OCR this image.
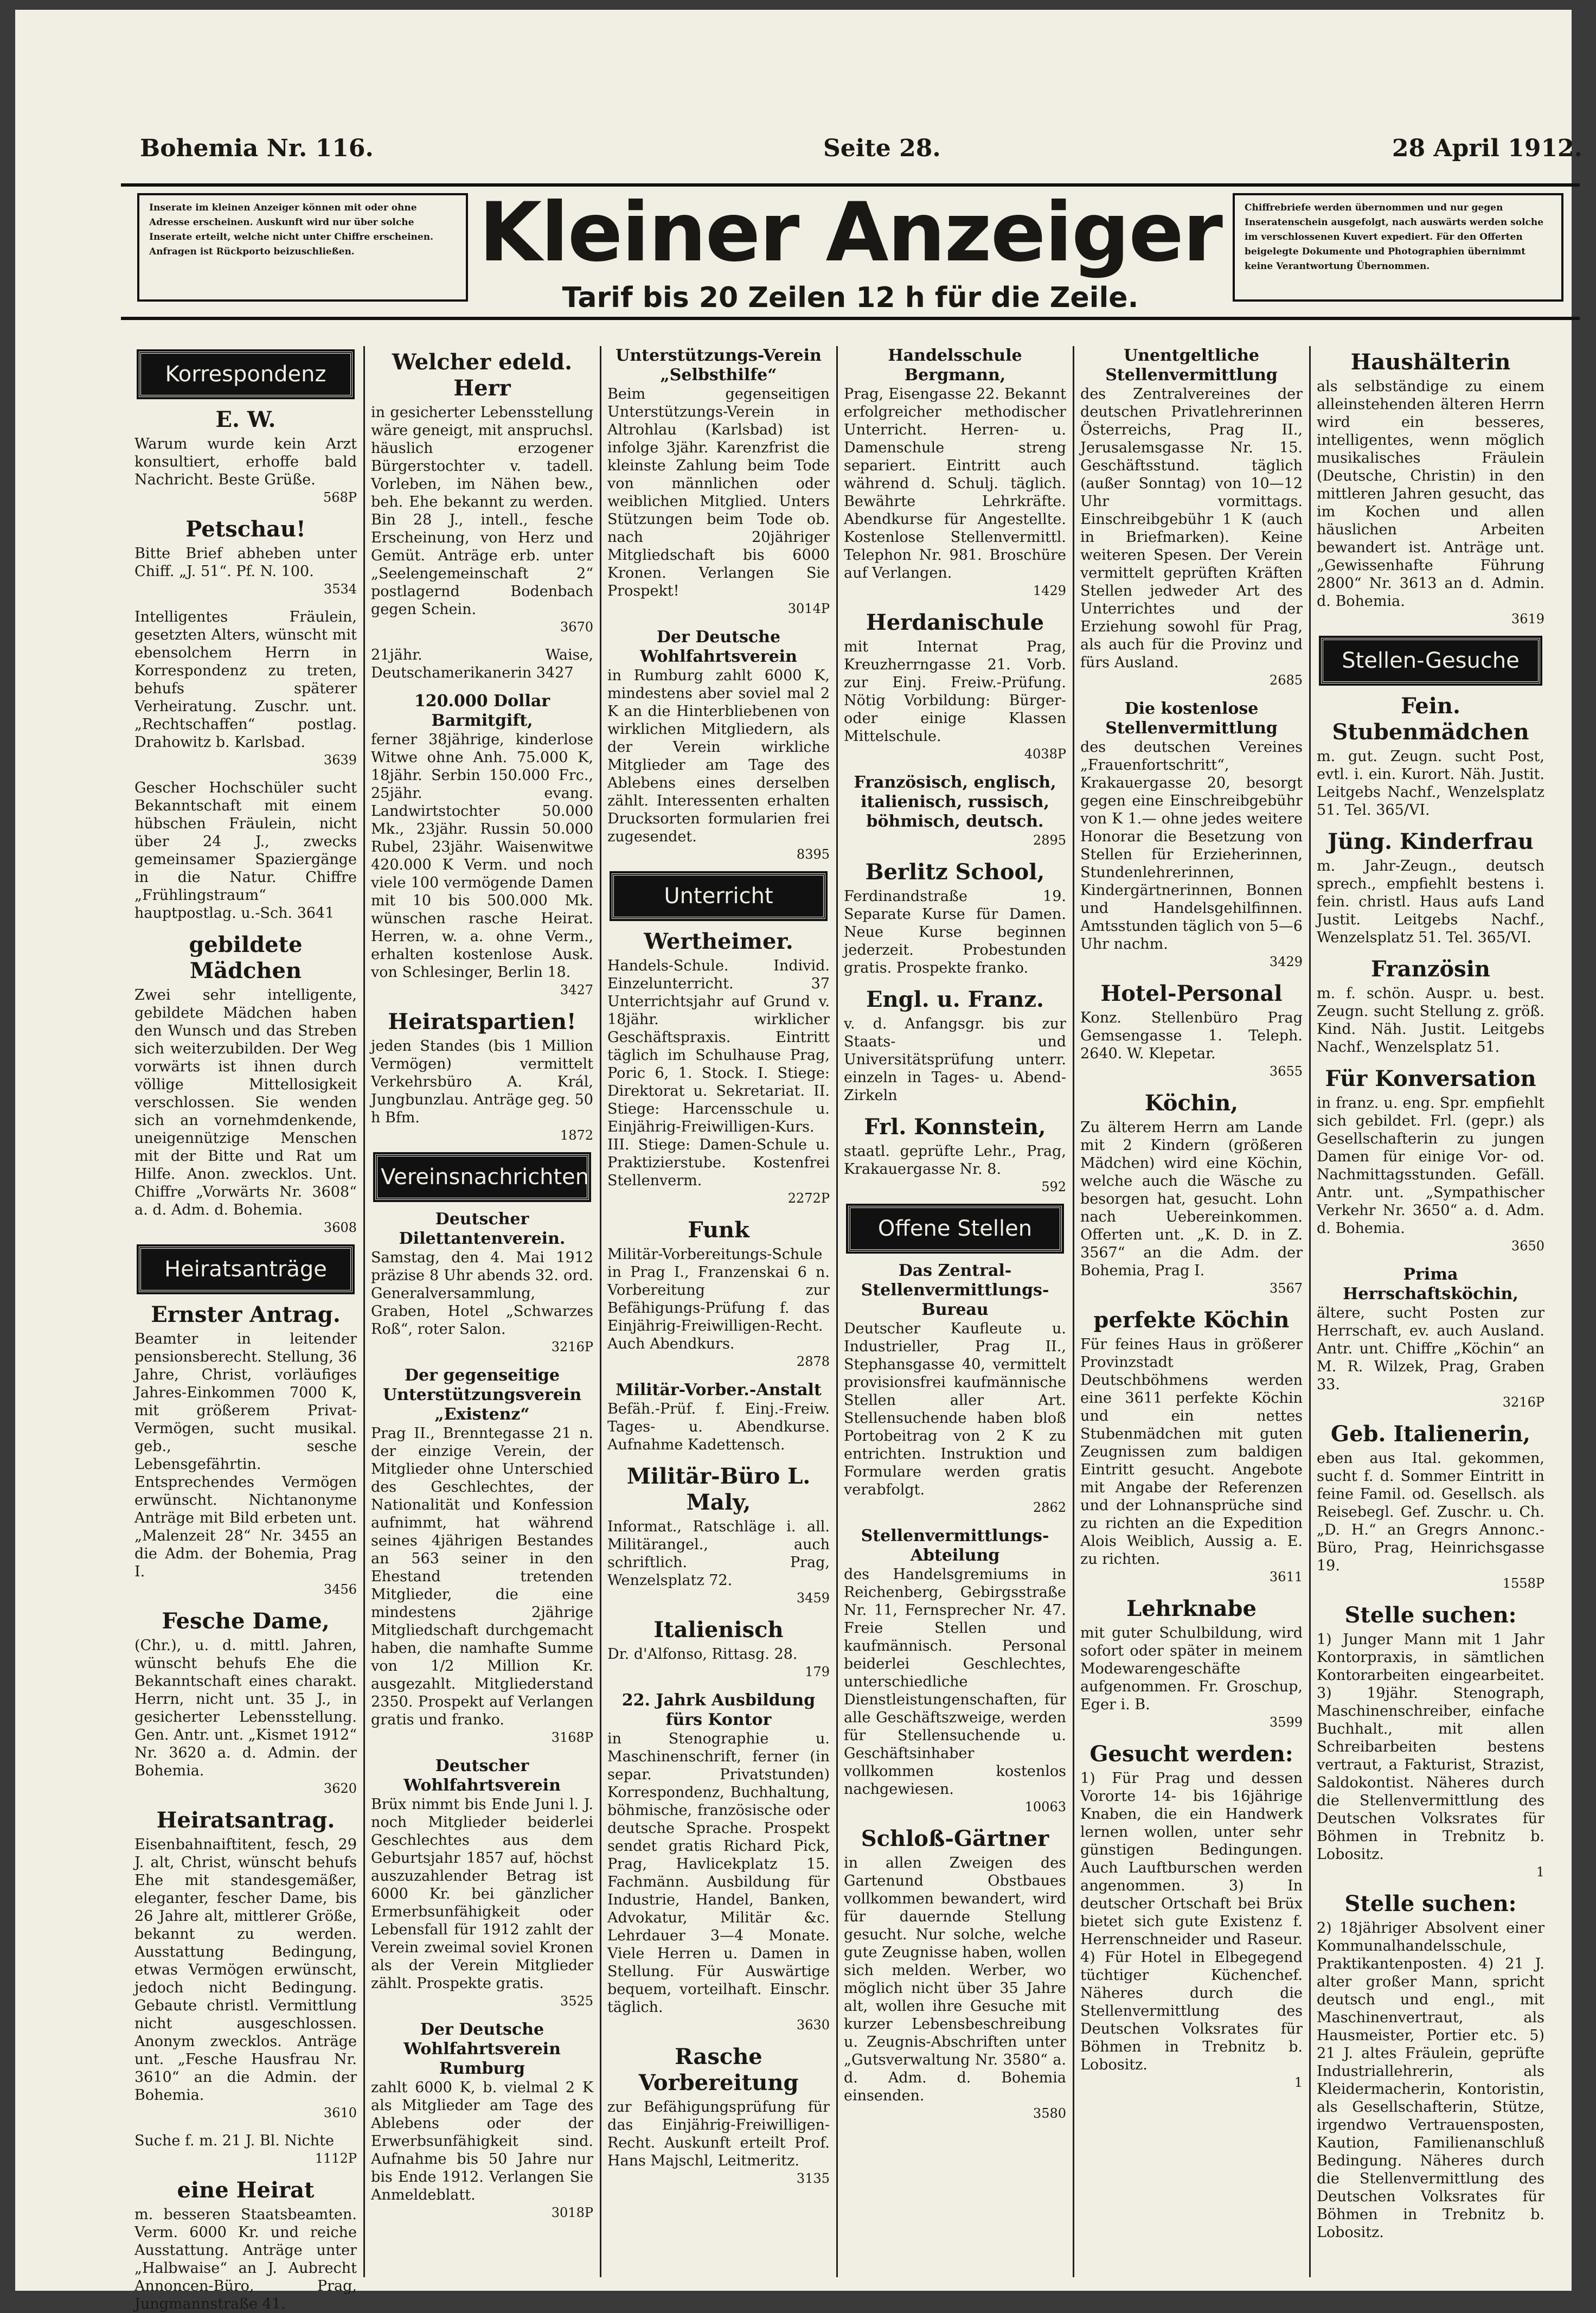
Bohemia Nr. 116.	Seite 28.	28 April 1912.
Inserate im kleinen Anzeiger können mit oder ohne Adresse erscheinen. Auskunft wird nur über solche Inserate erteilt, welche nicht unter Chiffre erscheinen. Anfragen ist Rückporto beizuschließen.	Kleiner Anzeiger
Tarif bis 20 Zeilen 12 h für die Zeile.
Chiffrebriefe werden übernommen und nur gegen Inseratenschein ausgefolgt, nach auswärts werden solche im verschlossenen Kuvert expediert. Für den Offerten beigelegte Dokumente und Photographien übernimmt keine Verantwortung Übernommen.
Korrespondenz
E. W.
Warum wurde kein Arzt konsultiert, erhoffe bald Nachricht. Beste Grüße.
568P
Petschau!
Bitte Brief abheben unter Chiff. „J. 51“. Pf. N. 100.
3534
Intelligentes Fräulein, gesetzten Alters, wünscht mit ebensolchem Herrn in Korrespondenz zu treten, behufs späterer Verheiratung. Zuschr. unt. „Rechtschaffen“ postlag. Drahowitz b. Karlsbad.
3639
Gescher Hochschüler sucht Bekanntschaft mit einem hübschen Fräulein, nicht über 24 J., zwecks gemeinsamer Spaziergänge in die Natur. Chiffre „Frühlingstraum“ hauptpostlag. u.-Sch. 3641
gebildete Mädchen
Zwei sehr intelligente, gebildete Mädchen haben den Wunsch und das Streben sich weiterzubilden. Der Weg vorwärts ist ihnen durch völlige Mittellosigkeit verschlossen. Sie wenden sich an vornehmdenkende, uneigennützige Menschen mit der Bitte und Rat um Hilfe. Anon. zwecklos. Unt. Chiffre „Vorwärts Nr. 3608“ a. d. Adm. d. Bohemia.
3608
Heiratsanträge
Ernster Antrag.
Beamter in leitender pensionsberecht. Stellung, 36 Jahre, Christ, vorläufiges Jahres-Einkommen 7000 K, mit größerem Privat-Vermögen, sucht musikal. geb., sesche Lebensgefährtin. Entsprechendes Vermögen erwünscht. Nichtanonyme Anträge mit Bild erbeten unt. „Malenzeit 28“ Nr. 3455 an die Adm. der Bohemia, Prag I.
3456
Fesche Dame,
(Chr.), u. d. mittl. Jahren, wünscht behufs Ehe die Bekanntschaft eines charakt. Herrn, nicht unt. 35 J., in gesicherter Lebensstellung. Gen. Antr. unt. „Kismet 1912“ Nr. 3620 a. d. Admin. der Bohemia.
3620
Heiratsantrag.
Eisenbahnaiftitent, fesch, 29 J. alt, Christ, wünscht behufs Ehe mit standesgemäßer, eleganter, fescher Dame, bis 26 Jahre alt, mittlerer Größe, bekannt zu werden. Ausstattung Bedingung, etwas Vermögen erwünscht, jedoch nicht Bedingung. Gebaute christl. Vermittlung nicht ausgeschlossen. Anonym zwecklos. Anträge unt. „Fesche Hausfrau Nr. 3610“ an die Admin. der Bohemia.
3610
Suche f. m. 21 J. Bl. Nichte
1112P
eine Heirat
m. besseren Staatsbeamten. Verm. 6000 Kr. und reiche Ausstattung. Anträge unter „Halbwaise“ an J. Aubrecht Annoncen-Büro, Prag, Jungmannstraße 41.
Welcher edeld. Herr
in gesicherter Lebensstellung wäre geneigt, mit anspruchsl. häuslich erzogener Bürgerstochter v. tadell. Vorleben, im Nähen bew., beh. Ehe bekannt zu werden. Bin 28 J., intell., fesche Erscheinung, von Herz und Gemüt. Anträge erb. unter „Seelengemeinschaft 2“ postlagernd Bodenbach gegen Schein.
3670
21jähr. Waise, Deutschamerikanerin 3427
120.000 Dollar Barmitgift,
ferner 38jährige, kinderlose Witwe ohne Anh. 75.000 K, 18jähr. Serbin 150.000 Frc., 25jähr. evang. Landwirtstochter 50.000 Mk., 23jähr. Russin 50.000 Rubel, 23jähr. Waisenwitwe 420.000 K Verm. und noch viele 100 vermögende Damen mit 10 bis 500.000 Mk. wünschen rasche Heirat. Herren, w. a. ohne Verm., erhalten kostenlose Ausk. von Schlesinger, Berlin 18.
3427
Heiratspartien!
jeden Standes (bis 1 Million Vermögen) vermittelt Verkehrsbüro A. Král, Jungbunzlau. Anträge geg. 50 h Bfm.
1872
Vereinsnachrichten
Deutscher Dilettantenverein.
Samstag, den 4. Mai 1912 präzise 8 Uhr abends 32. ord. Generalversammlung, Graben, Hotel „Schwarzes Roß“, roter Salon.
3216P
Der gegenseitige Unterstützungsverein „Existenz“
Prag II., Brenntegasse 21 n. der einzige Verein, der Mitglieder ohne Unterschied des Geschlechtes, der Nationalität und Konfession aufnimmt, hat während seines 4jährigen Bestandes an 563 seiner in den Ehestand tretenden Mitglieder, die eine mindestens 2jährige Mitgliedschaft durchgemacht haben, die namhafte Summe von 1/2 Million Kr. ausgezahlt. Mitgliederstand 2350. Prospekt auf Verlangen gratis und franko.
3168P
Deutscher Wohlfahrtsverein
Brüx nimmt bis Ende Juni l. J. noch Mitglieder beiderlei Geschlechtes aus dem Geburtsjahr 1857 auf, höchst auszuzahlender Betrag ist 6000 Kr. bei gänzlicher Ermerbsunfähigkeit oder Lebensfall für 1912 zahlt der Verein zweimal soviel Kronen als der Verein Mitglieder zählt. Prospekte gratis.
3525
Der Deutsche Wohlfahrtsverein Rumburg
zahlt 6000 K, b. vielmal 2 K als Mitglieder am Tage des Ablebens oder der Erwerbsunfähigkeit sind. Aufnahme bis 50 Jahre nur bis Ende 1912. Verlangen Sie Anmeldeblatt.
3018P
Unterstützungs-Verein „Selbsthilfe“
Beim gegenseitigen Unterstützungs-Verein in Altrohlau (Karlsbad) ist infolge 3jähr. Karenzfrist die kleinste Zahlung beim Tode von männlichen oder weiblichen Mitglied. Unters Stützungen beim Tode ob. nach 20jähriger Mitgliedschaft bis 6000 Kronen. Verlangen Sie Prospekt!
3014P
Der Deutsche Wohlfahrtsverein
in Rumburg zahlt 6000 K, mindestens aber soviel mal 2 K an die Hinterbliebenen von wirklichen Mitgliedern, als der Verein wirkliche Mitglieder am Tage des Ablebens eines derselben zählt. Interessenten erhalten Drucksorten formularien frei zugesendet.
8395
Unterricht
Wertheimer.
Handels-Schule. Individ. Einzelunterricht. 37 Unterrichtsjahr auf Grund v. 18jähr. wirklicher Geschäftspraxis. Eintritt täglich im Schulhause Prag, Poric 6, 1. Stock. I. Stiege: Direktorat u. Sekretariat. II. Stiege: Harcensschule u. Einjährig-Freiwilligen-Kurs. III. Stiege: Damen-Schule u. Praktizierstube. Kostenfrei Stellenverm.
2272P
Funk
Militär-Vorbereitungs-Schule in Prag I., Franzenskai 6 n. Vorbereitung zur Befähigungs-Prüfung f. das Einjährig-Freiwilligen-Recht. Auch Abendkurs.
2878
Militär-Vorber.-Anstalt
Befäh.-Prüf. f. Einj.-Freiw. Tages- u. Abendkurse. Aufnahme Kadettensch.
Militär-Büro L. Maly,
Informat., Ratschläge i. all. Militärangel., auch schriftlich. Prag, Wenzelsplatz 72.
3459
Italienisch
Dr. d'Alfonso, Rittasg. 28.
179
22. Jahrk Ausbildung fürs Kontor
in Stenographie u. Maschinenschrift, ferner (in separ. Privatstunden) Korrespondenz, Buchhaltung, böhmische, französische oder deutsche Sprache. Prospekt sendet gratis Richard Pick, Prag, Havlicekplatz 15. Fachmänn. Ausbildung für Industrie, Handel, Banken, Advokatur, Militär &c. Lehrdauer 3—4 Monate. Viele Herren u. Damen in Stellung. Für Auswärtige bequem, vorteilhaft. Einschr. täglich.
3630
Rasche Vorbereitung
zur Befähigungsprüfung für das Einjährig-Freiwilligen-Recht. Auskunft erteilt Prof. Hans Majschl, Leitmeritz.
3135
Handelsschule Bergmann,
Prag, Eisengasse 22. Bekannt erfolgreicher methodischer Unterricht. Herren- u. Damenschule streng separiert. Eintritt auch während d. Schulj. täglich. Bewährte Lehrkräfte. Abendkurse für Angestellte. Kostenlose Stellenvermittl. Telephon Nr. 981. Broschüre auf Verlangen.
1429
Herdanischule
mit Internat Prag, Kreuzherrngasse 21. Vorb. zur Einj. Freiw.-Prüfung. Nötig Vorbildung: Bürger- oder einige Klassen Mittelschule.
4038P
Französisch, englisch, italienisch, russisch, böhmisch, deutsch.
2895
Berlitz School,
Ferdinandstraße 19. Separate Kurse für Damen. Neue Kurse beginnen jederzeit. Probestunden gratis. Prospekte franko.
Engl. u. Franz.
v. d. Anfangsgr. bis zur Staats- und Universitätsprüfung unterr. einzeln in Tages- u. Abend-Zirkeln
Frl. Konnstein,
staatl. geprüfte Lehr., Prag, Krakauergasse Nr. 8.
592
Offene Stellen
Das Zentral-Stellenvermittlungs-Bureau
Deutscher Kaufleute u. Industrieller, Prag II., Stephansgasse 40, vermittelt provisionsfrei kaufmännische Stellen aller Art. Stellensuchende haben bloß Portobeitrag von 2 K zu entrichten. Instruktion und Formulare werden gratis verabfolgt.
2862
Stellenvermittlungs-Abteilung
des Handelsgremiums in Reichenberg, Gebirgsstraße Nr. 11, Fernsprecher Nr. 47. Freie Stellen und kaufmännisch. Personal beiderlei Geschlechtes, unterschiedliche Dienstleistungenschaften, für alle Geschäftszweige, werden für Stellensuchende u. Geschäftsinhaber vollkommen kostenlos nachgewiesen.
10063
Schloß-Gärtner
in allen Zweigen des Gartenund Obstbaues vollkommen bewandert, wird für dauernde Stellung gesucht. Nur solche, welche gute Zeugnisse haben, wollen sich melden. Werber, wo möglich nicht über 35 Jahre alt, wollen ihre Gesuche mit kurzer Lebensbeschreibung u. Zeugnis-Abschriften unter „Gutsverwaltung Nr. 3580“ a. d. Adm. d. Bohemia einsenden.
3580
Unentgeltliche Stellenvermittlung
des Zentralvereines der deutschen Privatlehrerinnen Österreichs, Prag II., Jerusalemsgasse Nr. 15. Geschäftsstund. täglich (außer Sonntag) von 10—12 Uhr vormittags. Einschreibgebühr 1 K (auch in Briefmarken). Keine weiteren Spesen. Der Verein vermittelt geprüften Kräften Stellen jedweder Art des Unterrichtes und der Erziehung sowohl für Prag, als auch für die Provinz und fürs Ausland.
2685
Die kostenlose Stellenvermittlung
des deutschen Vereines „Frauenfortschritt“, Krakauergasse 20, besorgt gegen eine Einschreibgebühr von K 1.— ohne jedes weitere Honorar die Besetzung von Stellen für Erzieherinnen, Stundenlehrerinnen, Kindergärtnerinnen, Bonnen und Handelsgehilfinnen. Amtsstunden täglich von 5—6 Uhr nachm.
3429
Hotel-Personal
Konz. Stellenbüro Prag Gemsengasse 1. Teleph. 2640. W. Klepetar.
3655
Köchin,
Zu älterem Herrn am Lande mit 2 Kindern (größeren Mädchen) wird eine Köchin, welche auch die Wäsche zu besorgen hat, gesucht. Lohn nach Uebereinkommen. Offerten unt. „K. D. in Z. 3567“ an die Adm. der Bohemia, Prag I.
3567
perfekte Köchin
Für feines Haus in größerer Provinzstadt Deutschböhmens werden eine 3611 perfekte Köchin und ein nettes Stubenmädchen mit guten Zeugnissen zum baldigen Eintritt gesucht. Angebote mit Angabe der Referenzen und der Lohnansprüche sind zu richten an die Expedition Alois Weiblich, Aussig a. E. zu richten.
3611
Lehrknabe
mit guter Schulbildung, wird sofort oder später in meinem Modewarengeschäfte aufgenommen. Fr. Groschup, Eger i. B.
3599
Gesucht werden:
1) Für Prag und dessen Vororte 14- bis 16jährige Knaben, die ein Handwerk lernen wollen, unter sehr günstigen Bedingungen. Auch Lauftburschen werden angenommen. 3) In deutscher Ortschaft bei Brüx bietet sich gute Existenz f. Herrenschneider und Raseur. 4) Für Hotel in Elbegegend tüchtiger Küchenchef. Näheres durch die Stellenvermittlung des Deutschen Volksrates für Böhmen in Trebnitz b. Lobositz.
1
Haushälterin
als selbständige zu einem alleinstehenden älteren Herrn wird ein besseres, intelligentes, wenn möglich musikalisches Fräulein (Deutsche, Christin) in den mittleren Jahren gesucht, das im Kochen und allen häuslichen Arbeiten bewandert ist. Anträge unt. „Gewissenhafte Führung 2800“ Nr. 3613 an d. Admin. d. Bohemia.
3619
Stellen-Gesuche
Fein. Stubenmädchen
m. gut. Zeugn. sucht Post, evtl. i. ein. Kurort. Näh. Justit. Leitgebs Nachf., Wenzelsplatz 51. Tel. 365/VI.
Jüng. Kinderfrau
m. Jahr-Zeugn., deutsch sprech., empfiehlt bestens i. fein. christl. Haus aufs Land Justit. Leitgebs Nachf., Wenzelsplatz 51. Tel. 365/VI.
Französin
m. f. schön. Auspr. u. best. Zeugn. sucht Stellung z. größ. Kind. Näh. Justit. Leitgebs Nachf., Wenzelsplatz 51.
Für Konversation
in franz. u. eng. Spr. empfiehlt sich gebildet. Frl. (gepr.) als Gesellschafterin zu jungen Damen für einige Vor- od. Nachmittagsstunden. Gefäll. Antr. unt. „Sympathischer Verkehr Nr. 3650“ a. d. Adm. d. Bohemia.
3650
Prima Herrschaftsköchin,
ältere, sucht Posten zur Herrschaft, ev. auch Ausland. Antr. unt. Chiffre „Köchin“ an M. R. Wilzek, Prag, Graben 33.
3216P
Geb. Italienerin,
eben aus Ital. gekommen, sucht f. d. Sommer Eintritt in feine Famil. od. Gesellsch. als Reisebegl. Gef. Zuschr. u. Ch. „D. H.“ an Gregrs Annonc.-Büro, Prag, Heinrichsgasse 19.
1558P
Stelle suchen:
1) Junger Mann mit 1 Jahr Kontorpraxis, in sämtlichen Kontorarbeiten eingearbeitet. 3) 19jähr. Stenograph, Maschinenschreiber, einfache Buchhalt., mit allen Schreibarbeiten bestens vertraut, a Fakturist, Strazist, Saldokontist. Näheres durch die Stellenvermittlung des Deutschen Volksrates für Böhmen in Trebnitz b. Lobositz.
1
Stelle suchen:
2) 18jähriger Absolvent einer Kommunalhandelsschule, Praktikantenposten. 4) 21 J. alter großer Mann, spricht deutsch und engl., mit Maschinenvertraut, als Hausmeister, Portier etc. 5) 21 J. altes Fräulein, geprüfte Industriallehrerin, als Kleidermacherin, Kontoristin, als Gesellschafterin, Stütze, irgendwo Vertrauensposten, Kaution, Familienanschluß Bedingung. Näheres durch die Stellenvermittlung des Deutschen Volksrates für Böhmen in Trebnitz b. Lobositz.
